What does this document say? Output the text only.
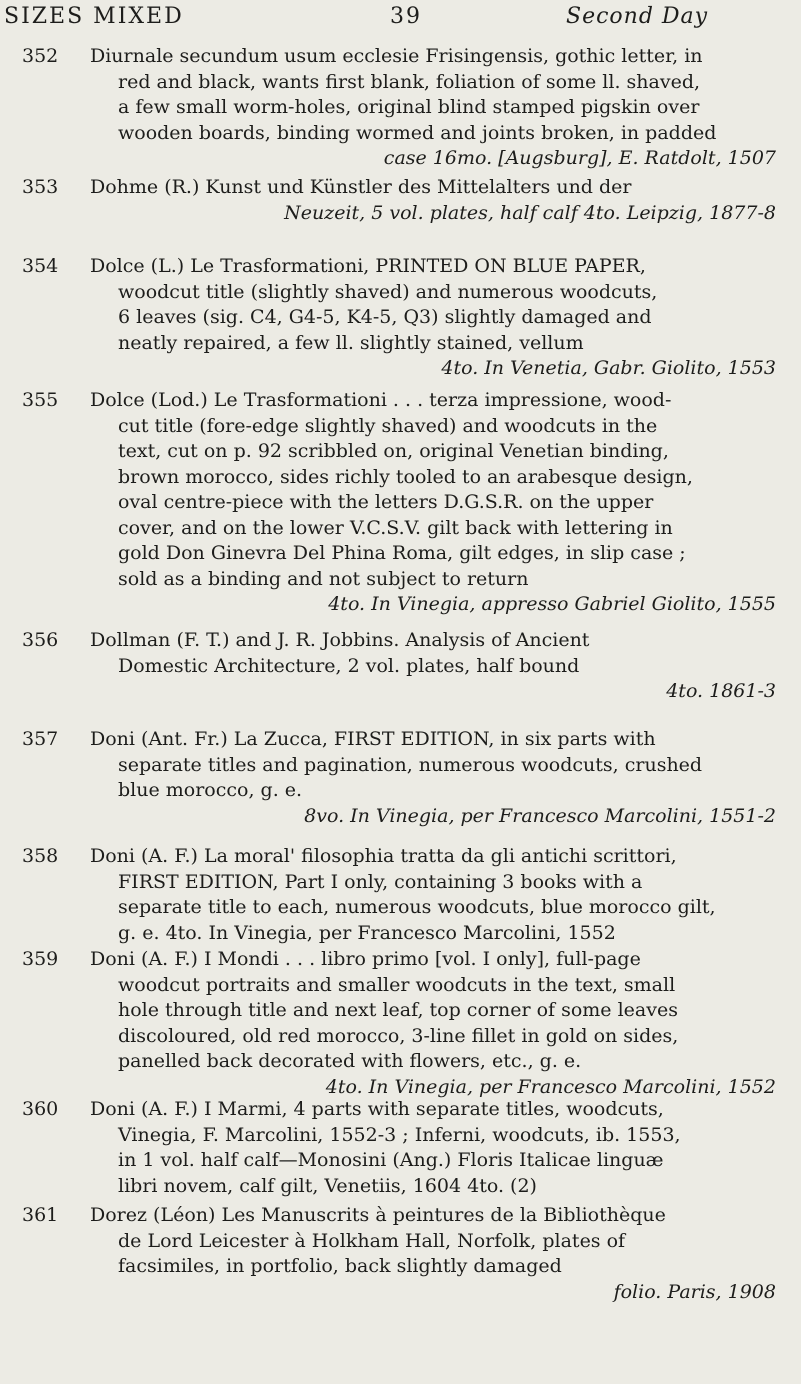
SIZES MIXED	39	Second Day
352 Diurnale secundum usum ecclesie Frisingensis, gothic letter, in
red and black, wants first blank, foliation of some ll. shaved,
a few small worm-holes, original blind stamped pigskin over
wooden boards, binding wormed and joints broken, in padded
case 16mo. [Augsburg], E. Ratdolt, 1507
353 Dohme (R.) Kunst und Künstler des Mittelalters und der
Neuzeit, 5 vol. plates, half calf 4to. Leipzig, 1877-8
354 Dolce (L.) Le Trasformationi, PRINTED ON BLUE PAPER,
woodcut title (slightly shaved) and numerous woodcuts,
6 leaves (sig. C4, G4-5, K4-5, Q3) slightly damaged and
neatly repaired, a few ll. slightly stained, vellum
4to. In Venetia, Gabr. Giolito, 1553
355 Dolce (Lod.) Le Trasformationi . . . terza impressione, wood-
cut title (fore-edge slightly shaved) and woodcuts in the
text, cut on p. 92 scribbled on, original Venetian binding,
brown morocco, sides richly tooled to an arabesque design,
oval centre-piece with the letters D.G.S.R. on the upper
cover, and on the lower V.C.S.V. gilt back with lettering in
gold Don Ginevra Del Phina Roma, gilt edges, in slip case ;
sold as a binding and not subject to return
4to. In Vinegia, appresso Gabriel Giolito, 1555
356 Dollman (F. T.) and J. R. Jobbins. Analysis of Ancient
Domestic Architecture, 2 vol. plates, half bound
4to. 1861-3
357 Doni (Ant. Fr.) La Zucca, FIRST EDITION, in six parts with
separate titles and pagination, numerous woodcuts, crushed
blue morocco, g. e.
8vo. In Vinegia, per Francesco Marcolini, 1551-2
358 Doni (A. F.) La moral' filosophia tratta da gli antichi scrittori,
FIRST EDITION, Part I only, containing 3 books with a
separate title to each, numerous woodcuts, blue morocco gilt,
g. e. 4to. In Vinegia, per Francesco Marcolini, 1552
359 Doni (A. F.) I Mondi . . . libro primo [vol. I only], full-page
woodcut portraits and smaller woodcuts in the text, small
hole through title and next leaf, top corner of some leaves
discoloured, old red morocco, 3-line fillet in gold on sides,
panelled back decorated with flowers, etc., g. e.
4to. In Vinegia, per Francesco Marcolini, 1552
360 Doni (A. F.) I Marmi, 4 parts with separate titles, woodcuts,
Vinegia, F. Marcolini, 1552-3 ; Inferni, woodcuts, ib. 1553,
in 1 vol. half calf—Monosini (Ang.) Floris Italicae linguæ
libri novem, calf gilt, Venetiis, 1604 4to. (2)
361 Dorez (Léon) Les Manuscrits à peintures de la Bibliothèque
de Lord Leicester à Holkham Hall, Norfolk, plates of
facsimiles, in portfolio, back slightly damaged
folio. Paris, 1908
